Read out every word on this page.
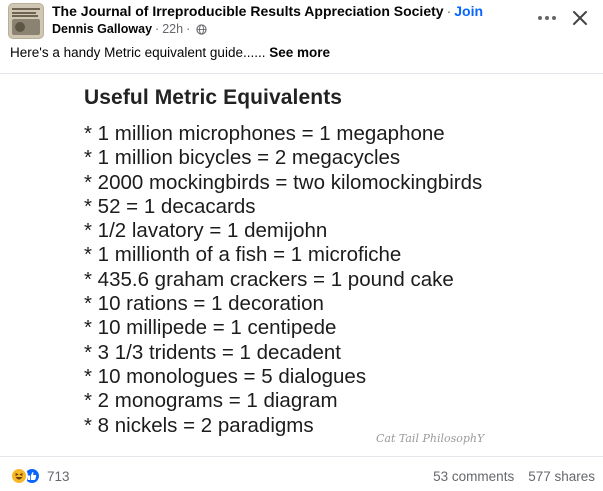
The Journal of Irreproducible Results Appreciation Society · Join
Dennis Galloway · 22h ·
Here's a handy Metric equivalent guide...... See more
Useful Metric Equivalents
* 1 million microphones = 1 megaphone
* 1 million bicycles = 2 megacycles
* 2000 mockingbirds = two kilomockingbirds
* 52 = 1 decacards
* 1/2 lavatory = 1 demijohn
* 1 millionth of a fish = 1 microfiche
* 435.6 graham crackers = 1 pound cake
* 10 rations = 1 decoration
* 10 millipede = 1 centipede
* 3 1/3 tridents = 1 decadent
* 10 monologues = 5 dialogues
* 2 monograms = 1 diagram
* 8 nickels = 2 paradigms
Cat Tail PhilosophY
713	53 comments 577 shares
